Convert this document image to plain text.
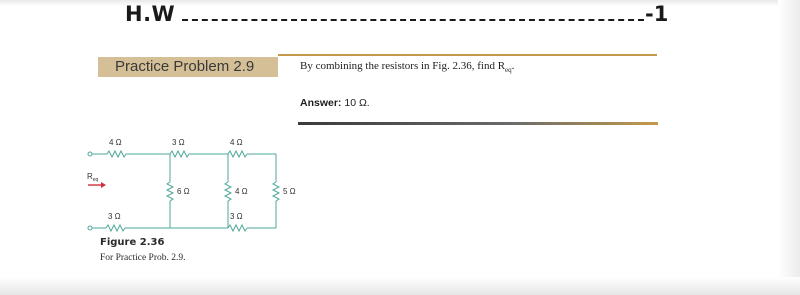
H.W	-1
Practice Problem 2.9	By combining the resistors in Fig. 2.36, find $R_{eq}$.
Answer: 10 Ω.
$R_{eq}$
4 Ω	3 Ω	4 Ω
6 Ω	4 Ω	5 Ω
3 Ω	3 Ω
Figure 2.36
For Practice Prob. 2.9.
